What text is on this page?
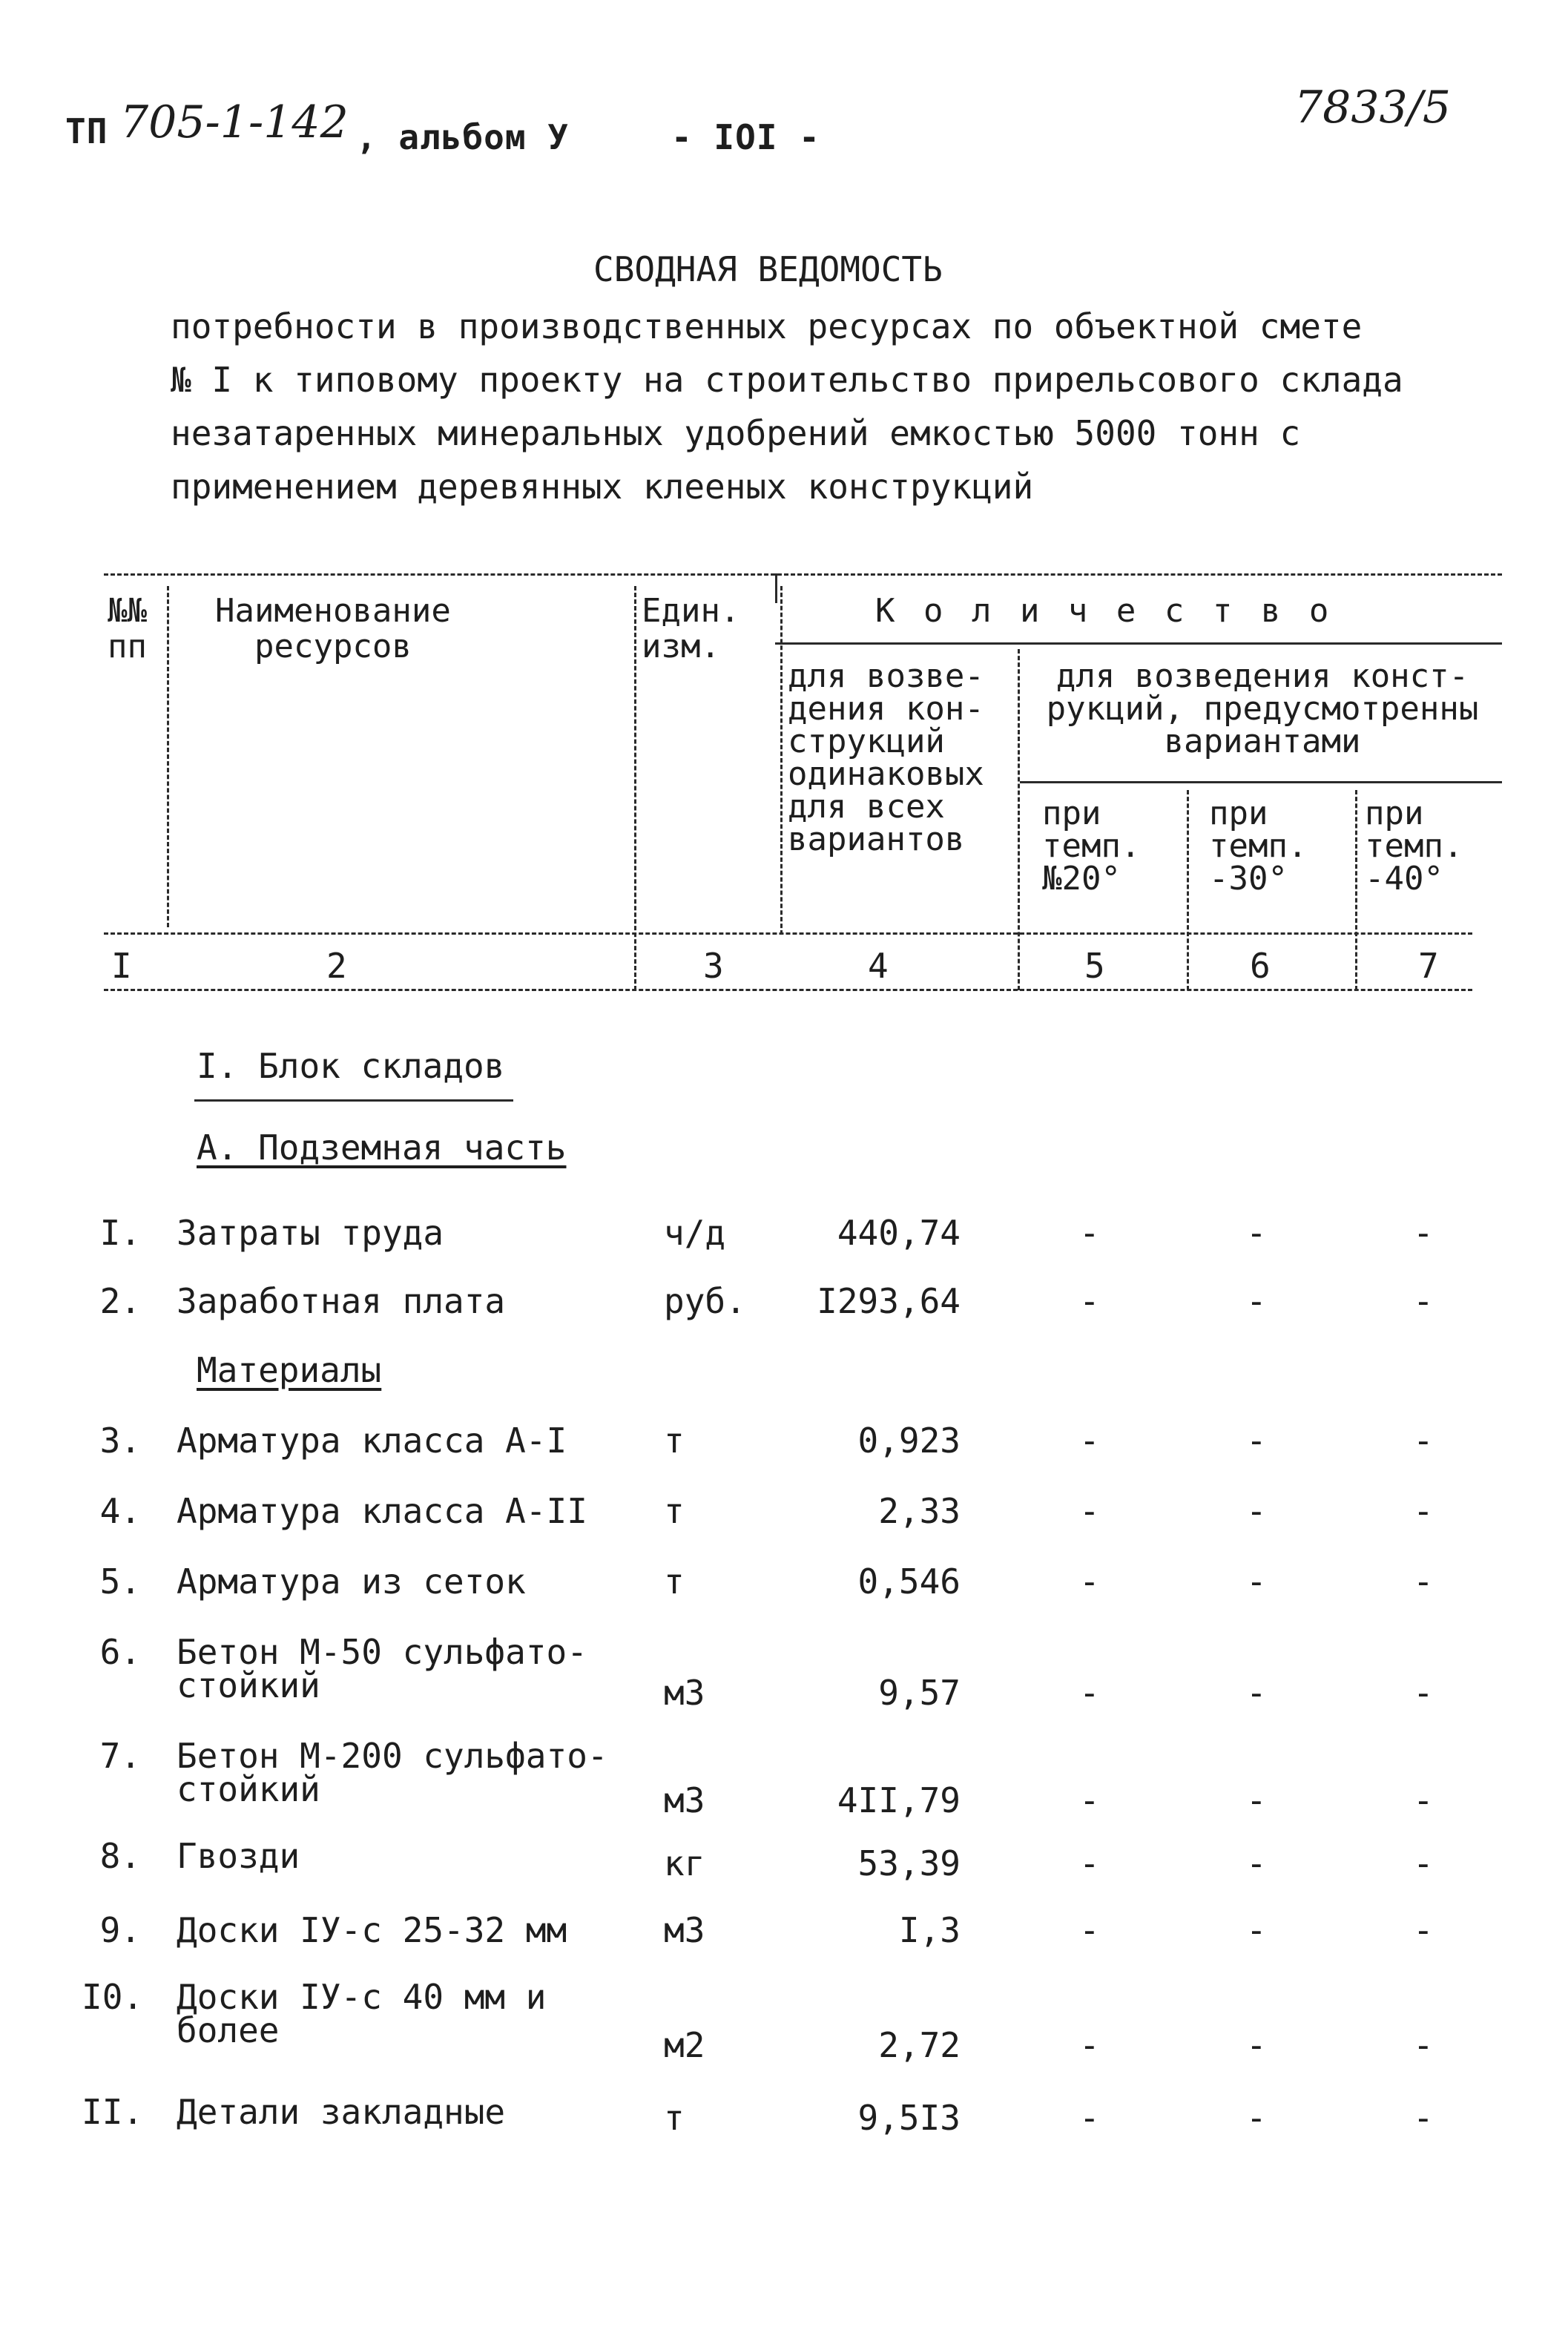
ТП 705-1-142 , альбом У	- IOI -
7833/5
СВОДНАЯ ВЕДОМОСТЬ
потребности в производственных ресурсах по объектной смете
№ I к типовому проекту на строительство прирельсового склада
незатаренных минеральных удобрений емкостью 5000 тонн с
применением деревянных клееных конструкций
№№
пп
Наименование
ресурсов
Един.
изм.
К о л и ч е с т в о
для возве-
дения кон-
струкций
одинаковых
для всех
вариантов
для возведения конст-
рукций, предусмотренны
вариантами
при
темп.
№20°
при
темп.
-30°
при
темп.
-40°
I	2	3	4	5	6	7
I. Блок складов
А. Подземная часть
Материалы
I. Затраты труда	ч/д	440,74	-	-	-
2. Заработная плата	руб.	I293,64	-	-	-
3. Арматура класса А-I	т	0,923	-	-	-
4. Арматура класса А-II т	2,33	-	-	-
5. Арматура из сеток	т	0,546	-	-	-
6. Бетон М-50 сульфато-
стойкий	м3	9,57	-	-	-
7. Бетон М-200 сульфато-
стойкий	м3	4II,79	-	-	-
8. Гвозди	кг	53,39	-	-	-
9. Доски IУ-с 25-32 мм	м3	I,3	-	-	-
I0. Доски IУ-с 40 мм и
более	м2	2,72	-	-	-
II. Детали закладные	т	9,5I3	-	-	-
